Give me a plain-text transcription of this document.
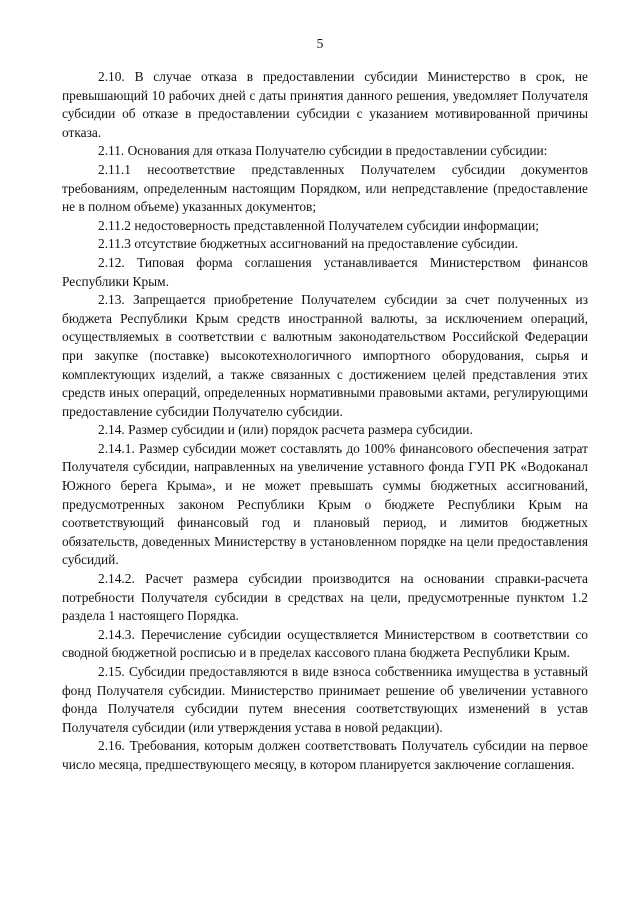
5

2.10. В случае отказа в предоставлении субсидии Министерство в срок, не превышающий 10 рабочих дней с даты принятия данного решения, уведомляет Получателя субсидии об отказе в предоставлении субсидии с указанием мотивированной причины отказа.

2.11. Основания для отказа Получателю субсидии в предоставлении субсидии:

2.11.1 несоответствие представленных Получателем субсидии документов требованиям, определенным настоящим Порядком, или непредставление (предоставление не в полном объеме) указанных документов;

2.11.2 недостоверность представленной Получателем субсидии информации;

2.11.3 отсутствие бюджетных ассигнований на предоставление субсидии.

2.12. Типовая форма соглашения устанавливается Министерством финансов Республики Крым.

2.13. Запрещается приобретение Получателем субсидии за счет полученных из бюджета Республики Крым средств иностранной валюты, за исключением операций, осуществляемых в соответствии с валютным законодательством Российской Федерации при закупке (поставке) высокотехнологичного импортного оборудования, сырья и комплектующих изделий, а также связанных с достижением целей представления этих средств иных операций, определенных нормативными правовыми актами, регулирующими предоставление субсидии Получателю субсидии.

2.14. Размер субсидии и (или) порядок расчета размера субсидии.

2.14.1. Размер субсидии может составлять до 100% финансового обеспечения затрат Получателя субсидии, направленных на увеличение уставного фонда ГУП РК «Водоканал Южного берега Крыма», и не может превышать суммы бюджетных ассигнований, предусмотренных законом Республики Крым о бюджете Республики Крым на соответствующий финансовый год и плановый период, и лимитов бюджетных обязательств, доведенных Министерству в установленном порядке на цели предоставления субсидий.

2.14.2. Расчет размера субсидии производится на основании справки-расчета потребности Получателя субсидии в средствах на цели, предусмотренные пунктом 1.2 раздела 1 настоящего Порядка.

2.14.3. Перечисление субсидии осуществляется Министерством в соответствии со сводной бюджетной росписью и в пределах кассового плана бюджета Республики Крым.

2.15. Субсидии предоставляются в виде взноса собственника имущества в уставный фонд Получателя субсидии. Министерство принимает решение об увеличении уставного фонда Получателя субсидии путем внесения соответствующих изменений в устав Получателя субсидии (или утверждения устава в новой редакции).

2.16. Требования, которым должен соответствовать Получатель субсидии на первое число месяца, предшествующего месяцу, в котором планируется заключение соглашения.
